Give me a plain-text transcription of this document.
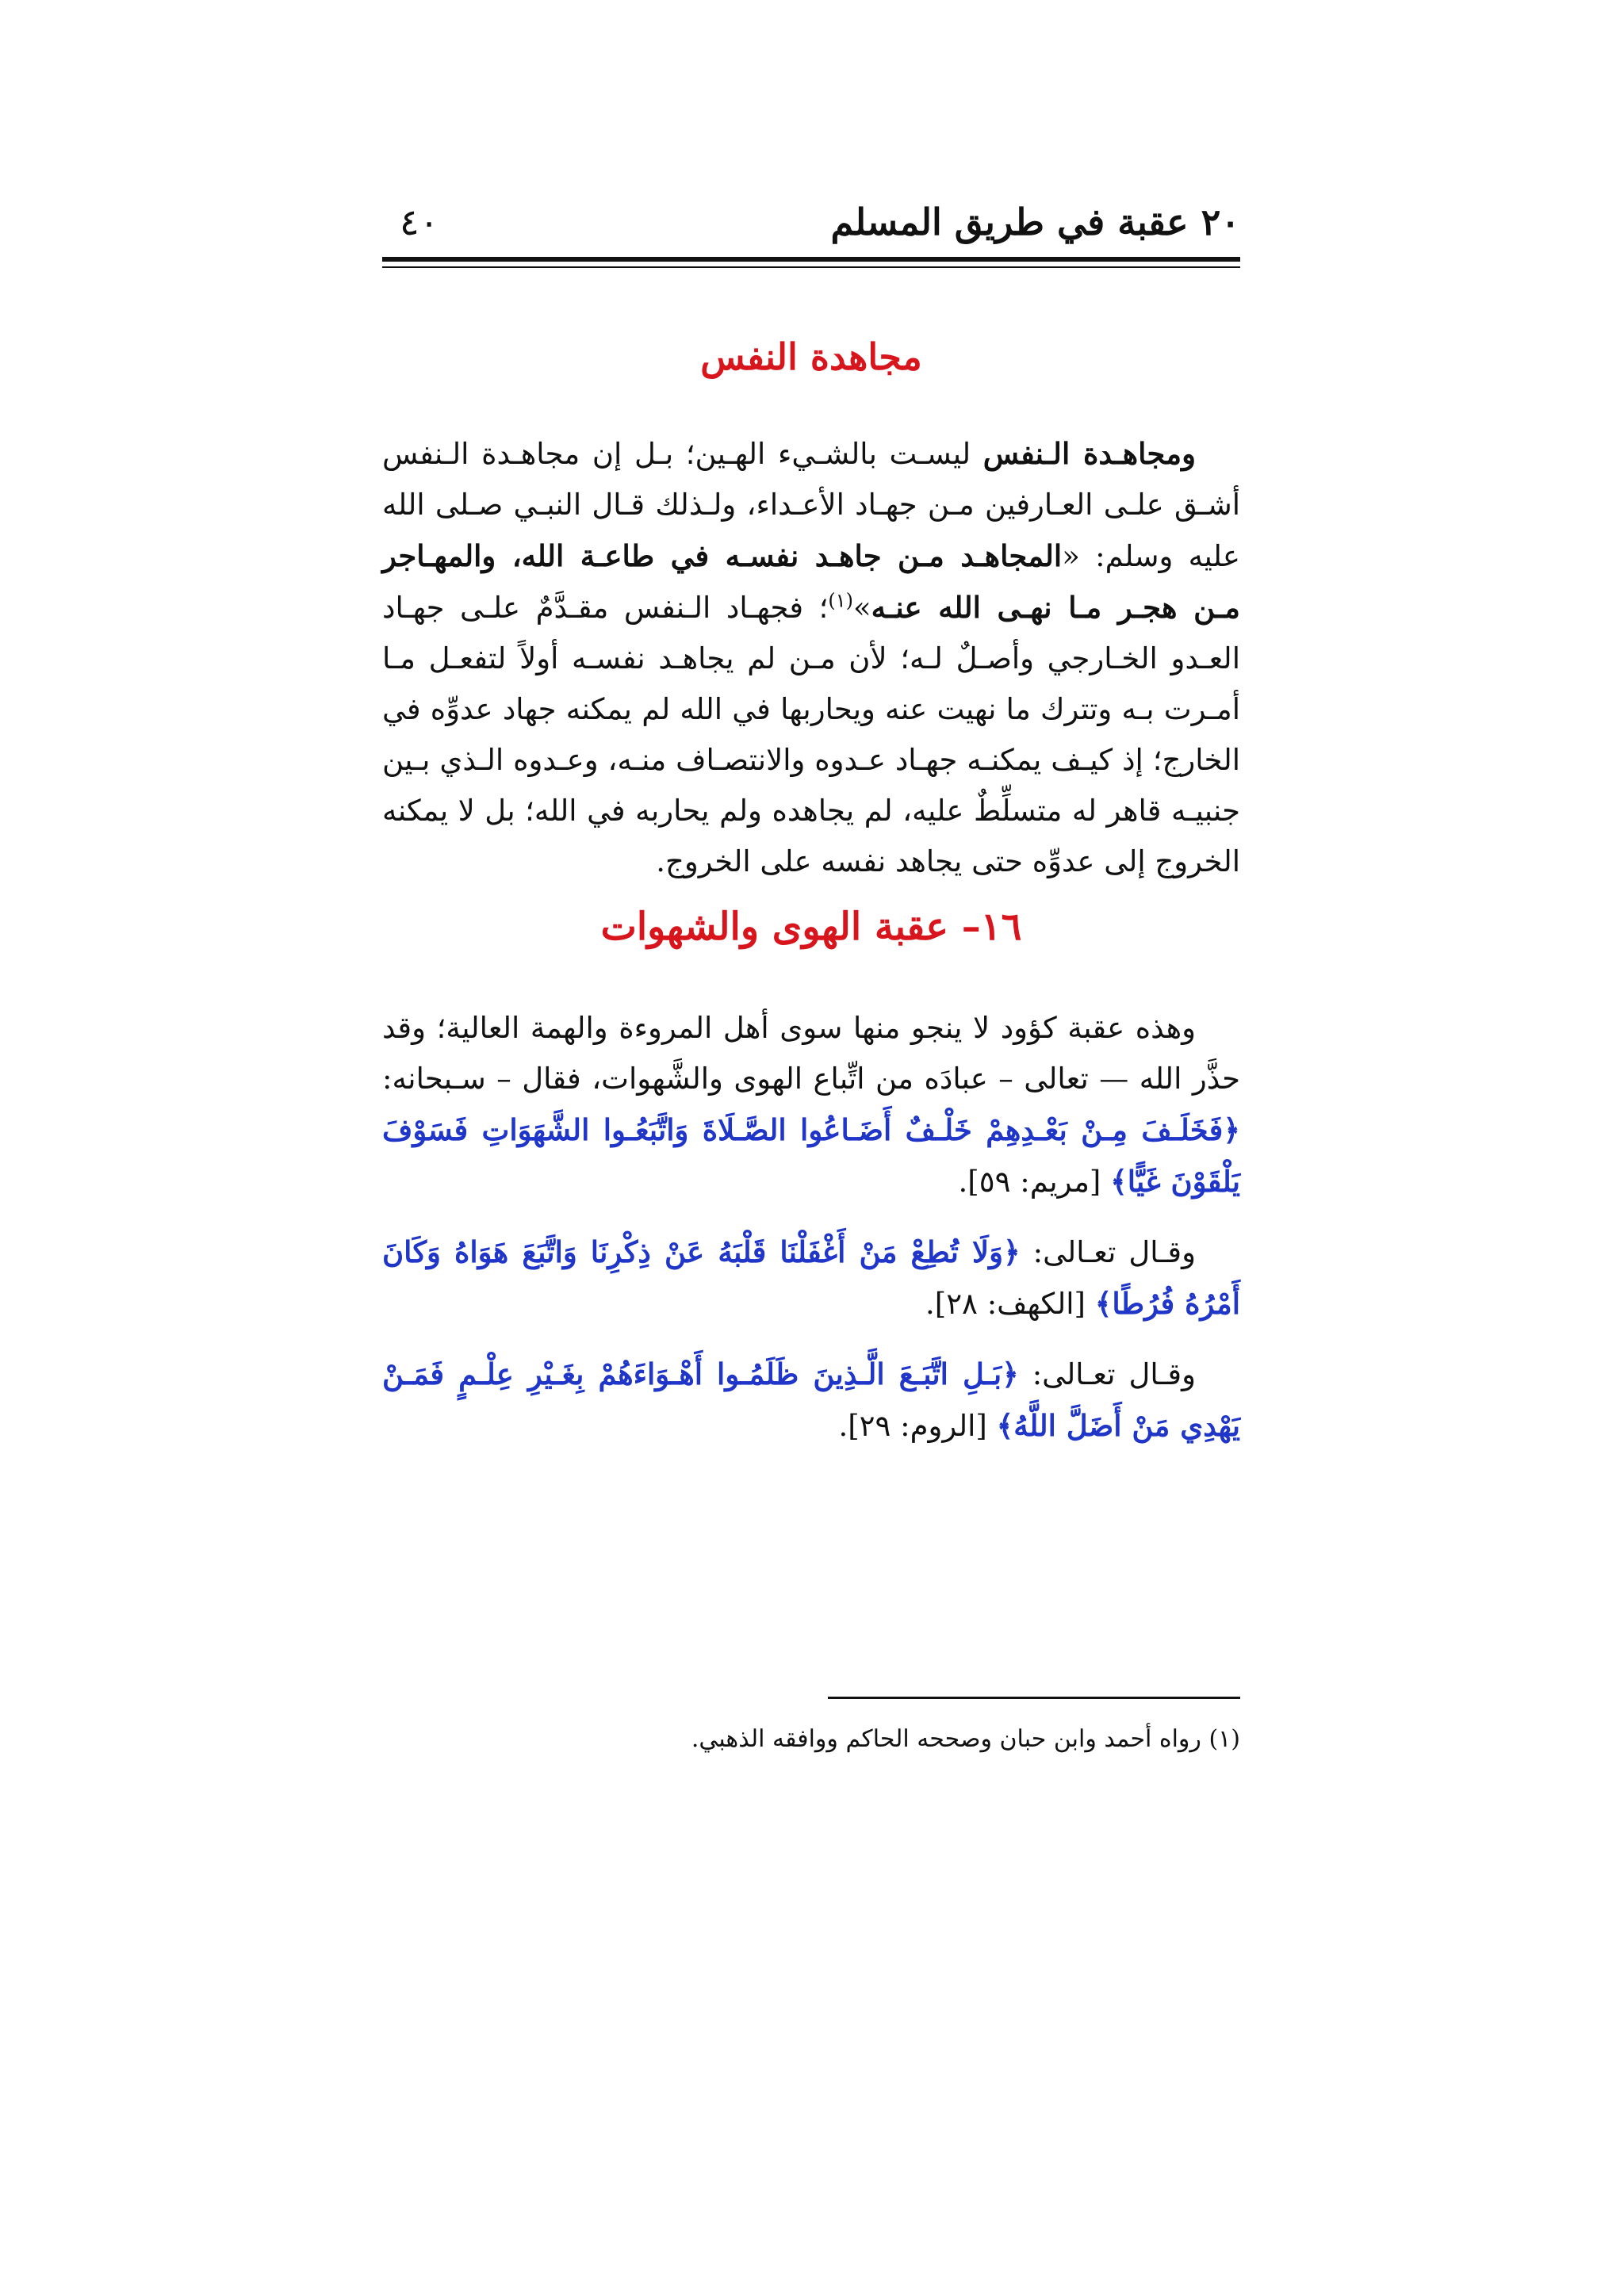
٢٠ عقبة في طريق المسلم
٤٠
مجاهدة النفس

ومجاهـدة الـنفس ليسـت بالشـيء الهـين؛ بـل إن مجاهـدة الـنفس أشـق علـى العـارفين مـن جهـاد الأعـداء، ولـذلك قـال النبـي صـلى الله عليه وسلم: «المجاهـد مـن جاهـد نفسـه في طاعـة الله، والمهـاجر مـن هجـر مـا نهـى الله عنـه»$^{(١)}$؛ فجهـاد الـنفس مقـدَّمٌ علـى جهـاد العـدو الخـارجي وأصـلٌ لـه؛ لأن مـن لم يجاهـد نفسـه أولاً لتفعـل مـا أمـرت بـه وتترك ما نهيت عنه ويحاربها في الله لم يمكنه جهاد عدوِّه في الخارج؛ إذ كيـف يمكنـه جهـاد عـدوه والانتصـاف منـه، وعـدوه الـذي بـين جنبيـه قاهر له متسلِّطٌ عليه، لم يجاهده ولم يحاربه في الله؛ بل لا يمكنه الخروج إلى عدوِّه حتى يجاهد نفسه على الخروج.

١٦– عقبة الهوى والشهوات

وهذه عقبة كؤود لا ينجو منها سوى أهل المروءة والهمة العالية؛ وقد حذَّر الله — تعالى – عبادَه من اتِّباع الهوى والشَّهوات، فقال – سـبحانه: ﴿فَخَلَـفَ مِـنْ بَعْـدِهِمْ خَلْـفٌ أَضَـاعُوا الصَّـلَاةَ وَاتَّبَعُـوا الشَّهَوَاتِ فَسَوْفَ يَلْقَوْنَ غَيًّا﴾ [مريم: ٥٩].

وقـال تعـالى: ﴿وَلَا تُطِعْ مَنْ أَغْفَلْنَا قَلْبَهُ عَنْ ذِكْرِنَا وَاتَّبَعَ هَوَاهُ وَكَانَ أَمْرُهُ فُرُطًا﴾ [الكهف: ٢٨].

وقـال تعـالى: ﴿بَـلِ اتَّبَـعَ الَّـذِينَ ظَلَمُـوا أَهْـوَاءَهُمْ بِغَـيْرِ عِلْـمٍ فَمَـنْ يَهْدِي مَنْ أَضَلَّ اللَّهُ﴾ [الروم: ٢٩].

(١) رواه أحمد وابن حبان وصححه الحاكم ووافقه الذهبي.
